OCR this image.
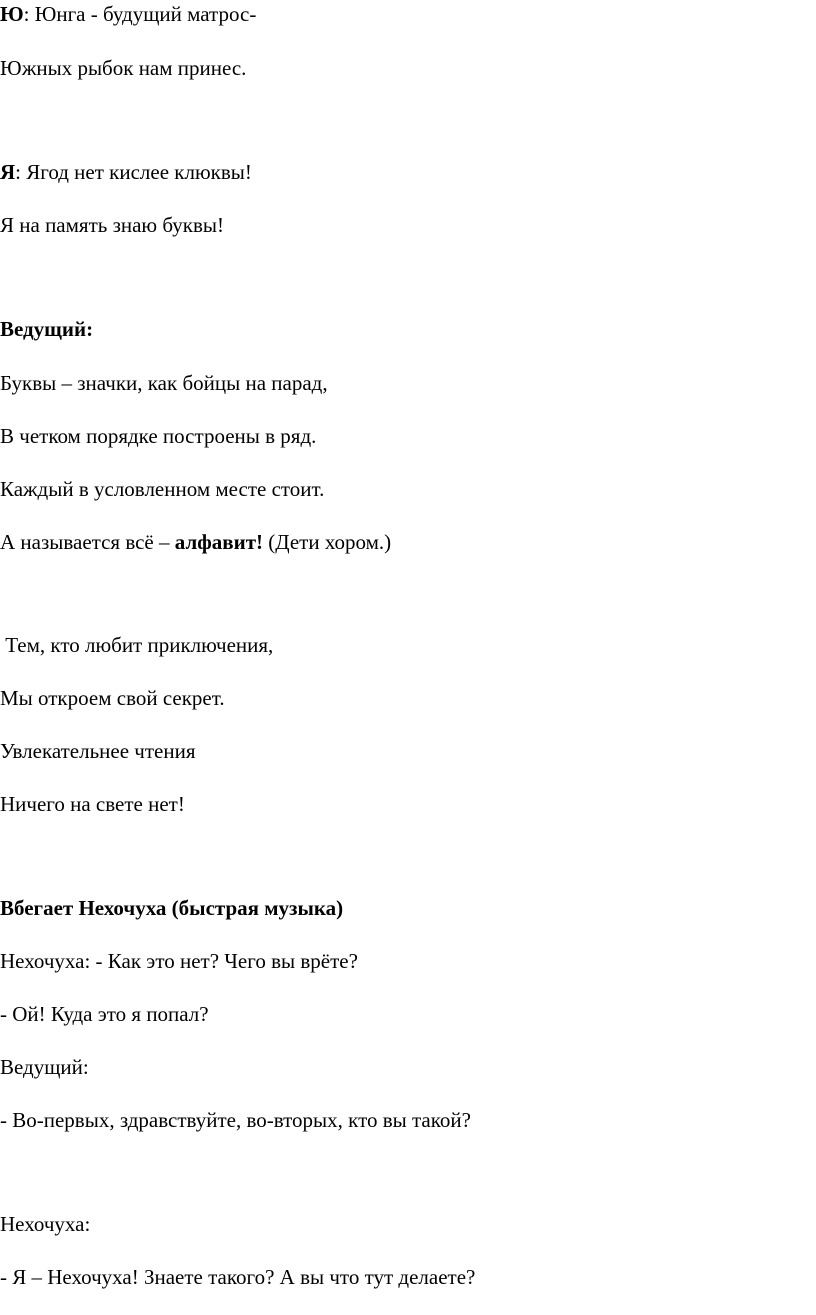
Ю: Юнга - будущий матрос-
Южных рыбок нам принес.
Я: Ягод нет кислее клюквы!
Я на память знаю буквы!
Ведущий:
Буквы – значки, как бойцы на парад,
В четком порядке построены в ряд.
Каждый в условленном месте стоит.
А называется всё – алфавит! (Дети хором.)
Тем, кто любит приключения,
Мы откроем свой секрет.
Увлекательнее чтения
Ничего на свете нет!
Вбегает Нехочуха (быстрая музыка)
Нехочуха: - Как это нет? Чего вы врёте?
- Ой! Куда это я попал?
Ведущий:
- Во-первых, здравствуйте, во-вторых, кто вы такой?
Нехочуха:
- Я – Нехочуха! Знаете такого? А вы что тут делаете?
